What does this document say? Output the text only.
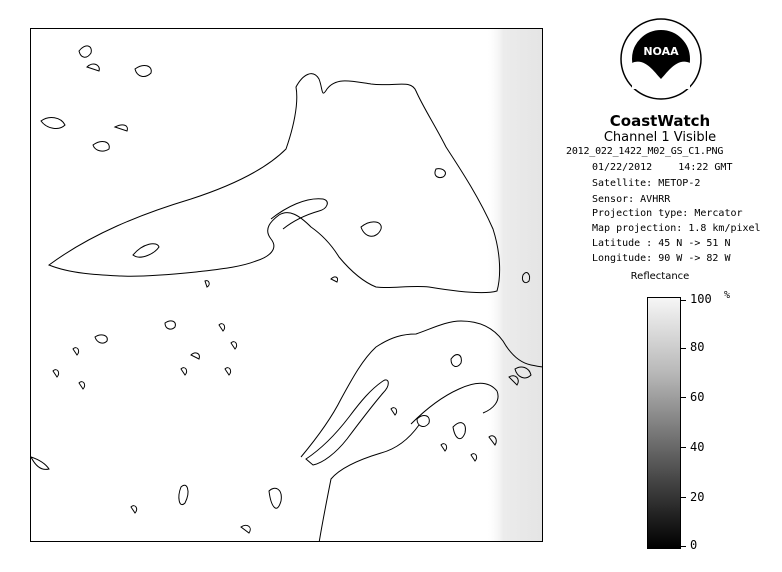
NOAA
CoastWatch
Channel 1 Visible
2012_022_1422_M02_GS_C1.PNG
01/22/2012	14:22 GMT
Satellite: METOP-2
Sensor: AVHRR
Projection type: Mercator
Map projection: 1.8 km/pixel
Latitude : 45 N -> 51 N
Longitude: 90 W -> 82 W
Reflectance
%
100
80
60
40
20
0
